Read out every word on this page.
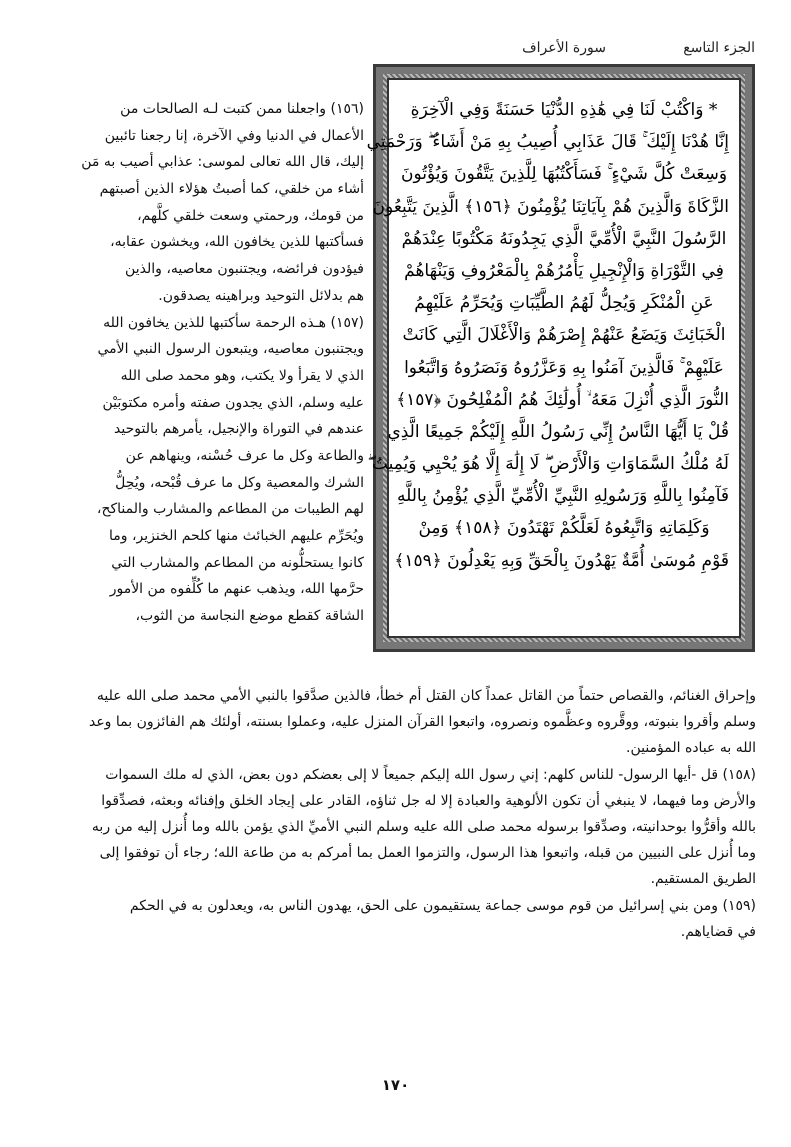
الجزء التاسع
سورة الأعراف
* وَاكْتُبْ لَنَا فِي هَٰذِهِ الدُّنْيَا حَسَنَةً وَفِي الْآخِرَةِ
إِنَّا هُدْنَا إِلَيْكَ ۚ قَالَ عَذَابِي أُصِيبُ بِهِ مَنْ أَشَاءُ ۖ وَرَحْمَتِي
وَسِعَتْ كُلَّ شَيْءٍ ۚ فَسَأَكْتُبُهَا لِلَّذِينَ يَتَّقُونَ وَيُؤْتُونَ
الزَّكَاةَ وَالَّذِينَ هُمْ بِآيَاتِنَا يُؤْمِنُونَ ﴿١٥٦﴾ الَّذِينَ يَتَّبِعُونَ
الرَّسُولَ النَّبِيَّ الْأُمِّيَّ الَّذِي يَجِدُونَهُ مَكْتُوبًا عِنْدَهُمْ
فِي التَّوْرَاةِ وَالْإِنْجِيلِ يَأْمُرُهُمْ بِالْمَعْرُوفِ وَيَنْهَاهُمْ
عَنِ الْمُنْكَرِ وَيُحِلُّ لَهُمُ الطَّيِّبَاتِ وَيُحَرِّمُ عَلَيْهِمُ
الْخَبَائِثَ وَيَضَعُ عَنْهُمْ إِصْرَهُمْ وَالْأَغْلَالَ الَّتِي كَانَتْ
عَلَيْهِمْ ۚ فَالَّذِينَ آمَنُوا بِهِ وَعَزَّرُوهُ وَنَصَرُوهُ وَاتَّبَعُوا
النُّورَ الَّذِي أُنْزِلَ مَعَهُ ۙ أُولَٰئِكَ هُمُ الْمُفْلِحُونَ ﴿١٥٧﴾
قُلْ يَا أَيُّهَا النَّاسُ إِنِّي رَسُولُ اللَّهِ إِلَيْكُمْ جَمِيعًا الَّذِي
لَهُ مُلْكُ السَّمَاوَاتِ وَالْأَرْضِ ۖ لَا إِلَٰهَ إِلَّا هُوَ يُحْيِي وَيُمِيتُ ۖ
فَآمِنُوا بِاللَّهِ وَرَسُولِهِ النَّبِيِّ الْأُمِّيِّ الَّذِي يُؤْمِنُ بِاللَّهِ
وَكَلِمَاتِهِ وَاتَّبِعُوهُ لَعَلَّكُمْ تَهْتَدُونَ ﴿١٥٨﴾ وَمِنْ
قَوْمِ مُوسَىٰ أُمَّةٌ يَهْدُونَ بِالْحَقِّ وَبِهِ يَعْدِلُونَ ﴿١٥٩﴾
(١٥٦) واجعلنا ممن كتبت لـه الصالحات من
الأعمال في الدنيا وفي الآخرة، إنا رجعنا تائبين
إليك، قال الله تعالى لموسى: عذابي أصيب به مَن
أشاء من خلقي، كما أصبتُ هؤلاء الذين أصبتهم
من قومك، ورحمتي وسعت خلقي كلَّهم،
فسأكتبها للذين يخافون الله، ويخشون عقابه،
فيؤدون فرائضه، ويجتنبون معاصيه، والذين
هم بدلائل التوحيد وبراهينه يصدقون.
(١٥٧) هـذه الرحمة سأكتبها للذين يخافون الله
ويجتنبون معاصيه، ويتبعون الرسول النبي الأمي
الذي لا يقرأ ولا يكتب، وهو محمد صلى الله
عليه وسلم، الذي يجدون صفته وأمره مكتوبَيْن
عندهم في التوراة والإنجيل، يأمرهم بالتوحيد
والطاعة وكل ما عرف حُسْنه، وينهاهم عن
الشرك والمعصية وكل ما عرف قُبْحه، ويُحِلُّ
لهم الطيبات من المطاعم والمشارب والمناكح،
ويُحَرِّم عليهم الخبائث منها كلحم الخنزير، وما
كانوا يستحلُّونه من المطاعم والمشارب التي
حرَّمها الله، ويذهب عنهم ما كُلِّفوه من الأمور
الشاقة كقطع موضع النجاسة من الثوب،
وإحراق الغنائم، والقصاص حتماً من القاتل عمداً كان القتل أم خطأ، فالذين صدَّقوا بالنبي الأمي محمد صلى الله عليه
وسلم وأقروا بنبوته، ووقَّروه وعظَّموه ونصروه، واتبعوا القرآن المنزل عليه، وعملوا بسنته، أولئك هم الفائزون بما وعد
الله به عباده المؤمنين.
(١٥٨) قل -أيها الرسول- للناس كلهم: إني رسول الله إليكم جميعاً لا إلى بعضكم دون بعض، الذي له ملك السموات
والأرض وما فيهما، لا ينبغي أن تكون الألوهية والعبادة إلا له جل ثناؤه، القادر على إيجاد الخلق وإفنائه وبعثه، فصدِّقوا
بالله وأقرُّوا بوحدانيته، وصدِّقوا برسوله محمد صلى الله عليه وسلم النبي الأميِّ الذي يؤمن بالله وما أُنزل إليه من ربه
وما أُنزل على النبيين من قبله، واتبعوا هذا الرسول، والتزموا العمل بما أمركم به من طاعة الله؛ رجاء أن توفقوا إلى
الطريق المستقيم.
(١٥٩) ومن بني إسرائيل من قوم موسى جماعة يستقيمون على الحق، يهدون الناس به، ويعدلون به في الحكم
في قضاياهم.
١٧٠
